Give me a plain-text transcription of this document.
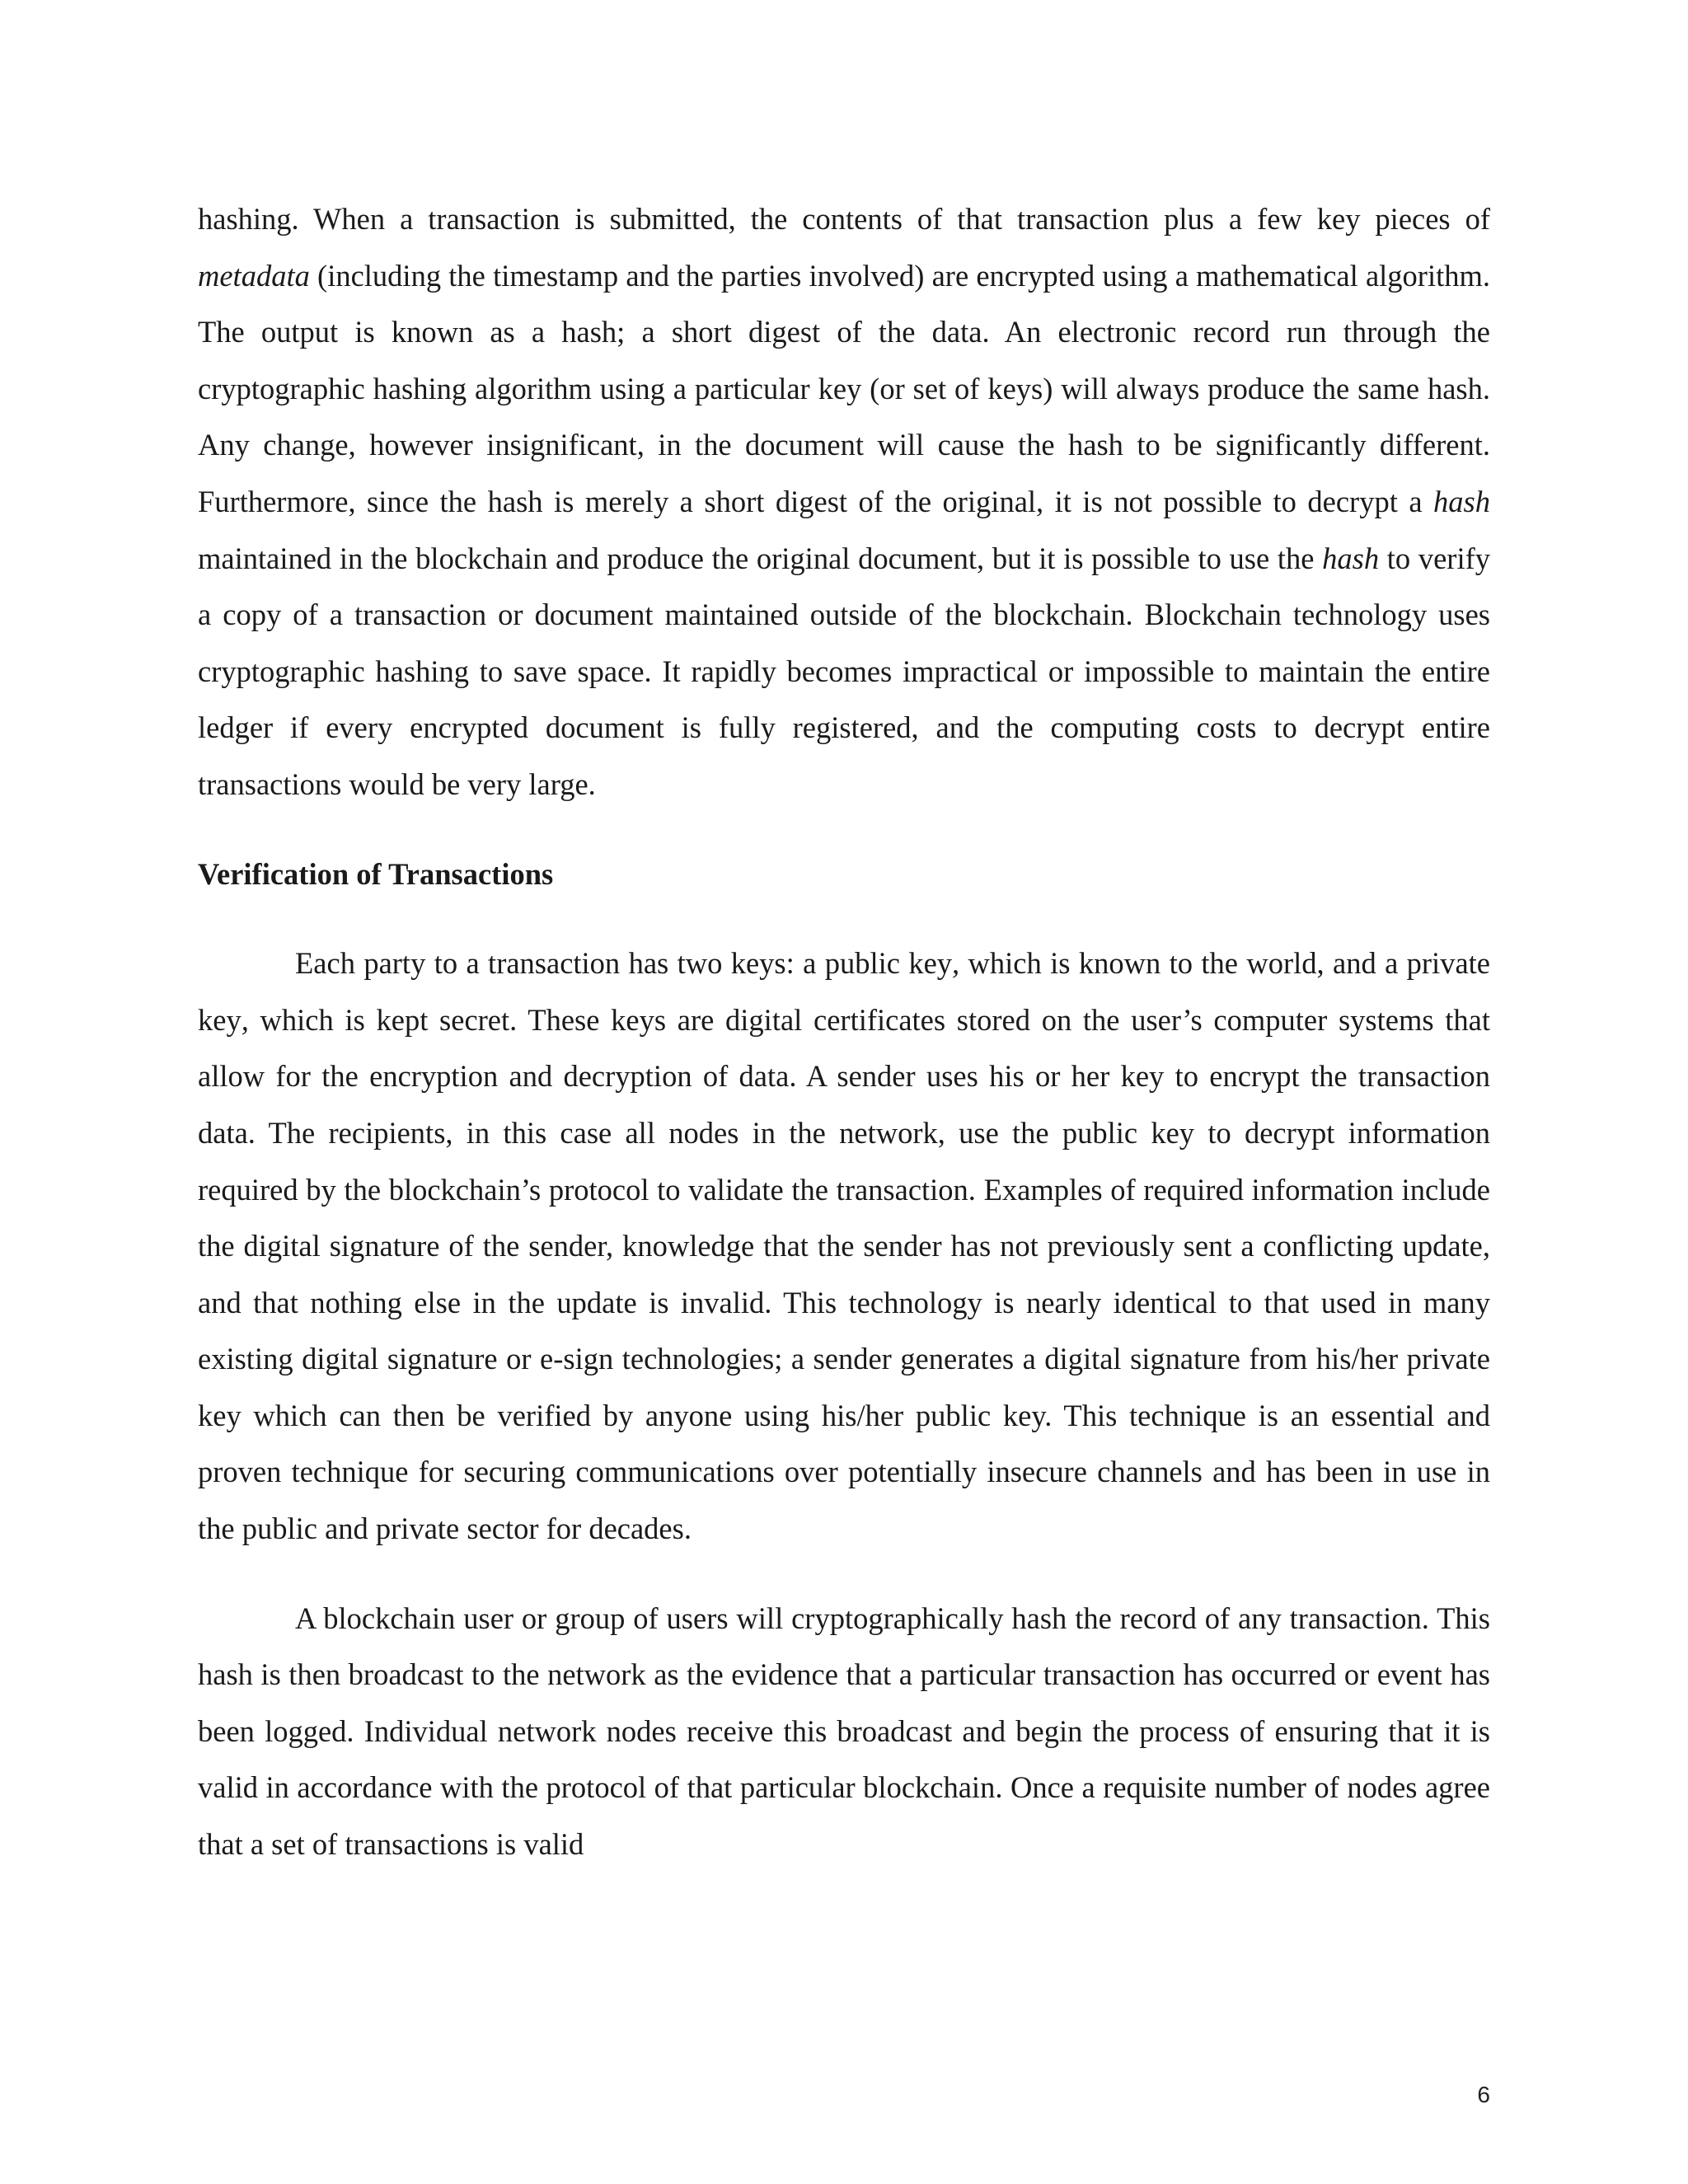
hashing. When a transaction is submitted, the contents of that transaction plus a few key pieces of metadata (including the timestamp and the parties involved) are encrypted using a mathematical algorithm. The output is known as a hash; a short digest of the data. An electronic record run through the cryptographic hashing algorithm using a particular key (or set of keys) will always produce the same hash. Any change, however insignificant, in the document will cause the hash to be significantly different. Furthermore, since the hash is merely a short digest of the original, it is not possible to decrypt a hash maintained in the blockchain and produce the original document, but it is possible to use the hash to verify a copy of a transaction or document maintained outside of the blockchain. Blockchain technology uses cryptographic hashing to save space. It rapidly becomes impractical or impossible to maintain the entire ledger if every encrypted document is fully registered, and the computing costs to decrypt entire transactions would be very large.

Verification of Transactions

Each party to a transaction has two keys: a public key, which is known to the world, and a private key, which is kept secret. These keys are digital certificates stored on the user’s computer systems that allow for the encryption and decryption of data. A sender uses his or her key to encrypt the transaction data. The recipients, in this case all nodes in the network, use the public key to decrypt information required by the blockchain’s protocol to validate the transaction. Examples of required information include the digital signature of the sender, knowledge that the sender has not previously sent a conflicting update, and that nothing else in the update is invalid. This technology is nearly identical to that used in many existing digital signature or e-sign technologies; a sender generates a digital signature from his/her private key which can then be verified by anyone using his/her public key. This technique is an essential and proven technique for securing communications over potentially insecure channels and has been in use in the public and private sector for decades.

A blockchain user or group of users will cryptographically hash the record of any transaction. This hash is then broadcast to the network as the evidence that a particular transaction has occurred or event has been logged. Individual network nodes receive this broadcast and begin the process of ensuring that it is valid in accordance with the protocol of that particular blockchain. Once a requisite number of nodes agree that a set of transactions is valid

6
